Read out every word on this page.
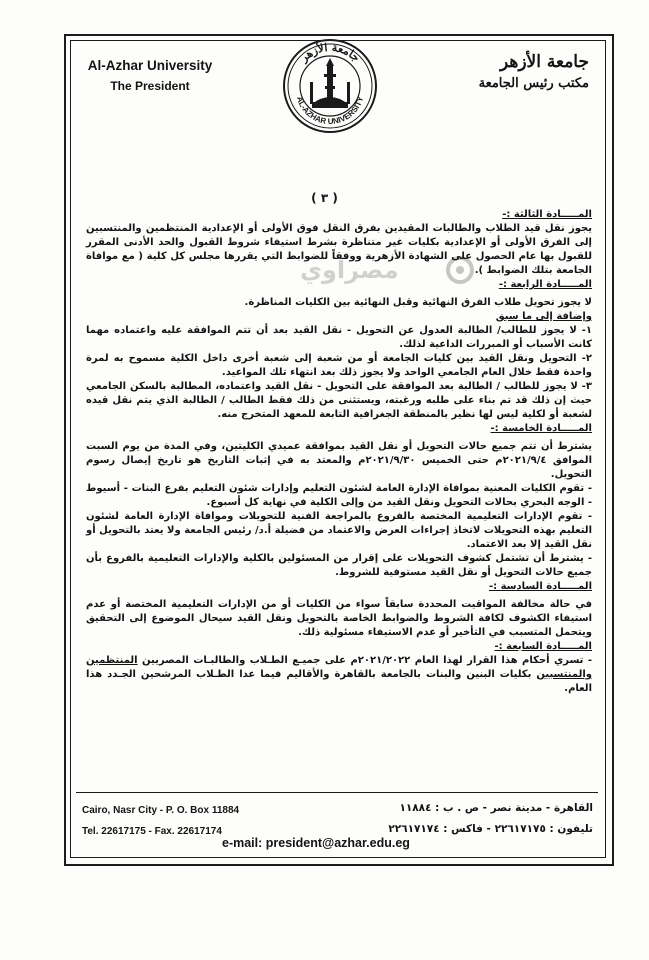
Al-Azhar University
The President
جامعة الأزهر
AL-AZHAR UNIVERSITY
جامعة الأزهر
مكتب رئيس الجامعة
( ٣ )
مصراوي

المـــــادة الثالثة :-

يجوز نقل قيد الطلاب والطالبات المقيدين بفرق النقل فوق الأولى أو الإعدادية المنتظمين والمنتسبين إلى الفرق الأولى أو الإعدادية بكليات غير متناظرة بشرط استيفاء شروط القبول والحد الأدنى المقرر للقبول بها عام الحصول على الشهادة الأزهرية ووفقاً للضوابط التي يقررها مجلس كل كلية ( مع موافاة الجامعة بتلك الضوابط ).

المـــــادة الرابعة :-

لا يجوز تحويل طلاب الفرق النهائية وقبل النهائية بين الكليات المناظرة.

وإضافة إلى ما سبق

١- لا يجوز للطالب/ الطالبة العدول عن التحويل - نقل القيد بعد أن تتم الموافقة عليه واعتماده مهما كانت الأسباب أو المبررات الداعية لذلك.

٢- التحويل ونقل القيد بين كليات الجامعة أو من شعبة إلى شعبة أخرى داخل الكلية مسموح به لمرة واحدة فقط خلال العام الجامعي الواحد ولا يجوز ذلك بعد انتهاء تلك المواعيد.

٣- لا يجوز للطالب / الطالبة بعد الموافقة على التحويل - نقل القيد واعتماده، المطالبة بالسكن الجامعي حيث إن ذلك قد تم بناء على طلبه ورغبته، ويستثنى من ذلك فقط الطالب / الطالبة الذي يتم نقل قيده لشعبة أو لكلية ليس لها نظير بالمنطقة الجغرافية التابعة للمعهد المتخرج منه.

المـــــادة الخامسة :-

يشترط أن تتم جميع حالات التحويل أو نقل القيد بموافقة عميدي الكليتين، وفي المدة من يوم السبت الموافق ٢٠٢١/٩/٤م حتى الخميس ٢٠٢١/٩/٣٠م والمعتد به في إثبات التاريخ هو تاريخ إيصال رسوم التحويل.

- تقوم الكليات المعنية بموافاة الإدارة العامة لشئون التعليم وإدارات شئون التعليم بفرع البنات - أسيوط - الوجه البحري بحالات التحويل ونقل القيد من وإلى الكلية في نهاية كل أسبوع.

- تقوم الإدارات التعليمية المختصة بالفروع بالمراجعة الفنية للتحويلات وموافاة الإدارة العامة لشئون التعليم بهذه التحويلات لاتخاذ إجراءات العرض والاعتماد من فضيلة أ.د/ رئيس الجامعة ولا يعتد بالتحويل أو نقل القيد إلا بعد الاعتماد.

- يشترط أن تشتمل كشوف التحويلات على إقرار من المسئولين بالكلية والإدارات التعليمية بالفروع بأن جميع حالات التحويل أو نقل القيد مستوفية للشروط.

المـــــادة السادسة :-

في حالة مخالفة المواقيت المحددة سابقاً سواء من الكليات أو من الإدارات التعليمية المختصة أو عدم استيفاء الكشوف لكافة الشروط والضوابط الخاصة بالتحويل ونقل القيد سيحال الموضوع إلى التحقيق ويتحمل المتسبب في التأخير أو عدم الاستيفاء مسئولية ذلك.

المـــــادة السابعة :-

- تسري أحكام هذا القرار لهذا العام ٢٠٢١/٢٠٢٢م على جميـع الطـلاب والطالبـات المصريين المنتظمين والمنتسبين بكليات البنين والبنات بالجامعة بالقاهرة والأقاليم فيما عدا الطـلاب المرشحين الجـدد هذا العام.

Cairo, Nasr City - P. O. Box 11884
Tel. 22617175 - Fax. 22617174
القاهرة - مدينة نصر - ص . ب : ١١٨٨٤
تليفون : ٢٢٦١٧١٧٥ - فاكس : ٢٢٦١٧١٧٤
e-mail: president@azhar.edu.eg
